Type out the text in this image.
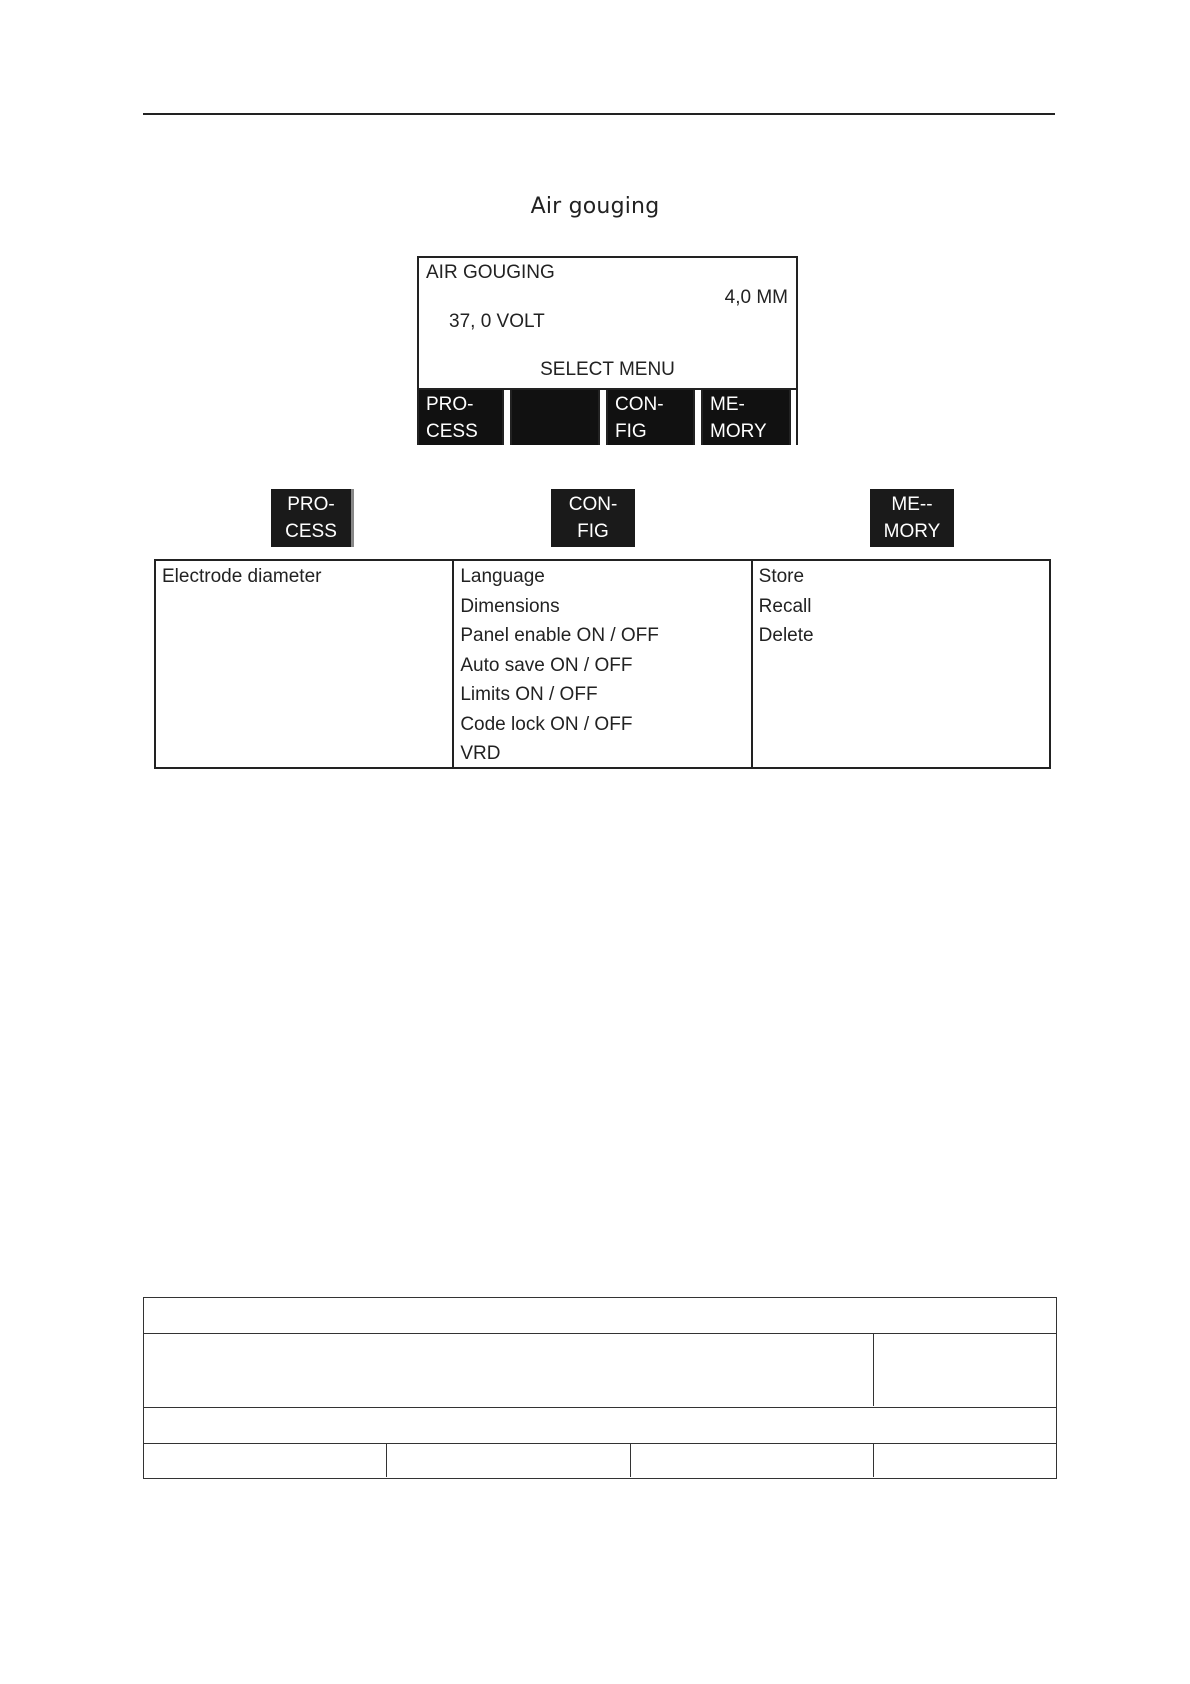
Air gouging
AIR GOUGING
4,0 MM
37, 0 VOLT
SELECT MENU
PRO-
CESS
CON-
FIG
ME-
MORY
PRO-
CESS
CON-
FIG
ME--
MORY
Electrode diameter	Language
Dimensions
Panel enable ON / OFF
Auto save ON / OFF
Limits ON / OFF
Code lock ON / OFF
VRD
Store
Recall
Delete
